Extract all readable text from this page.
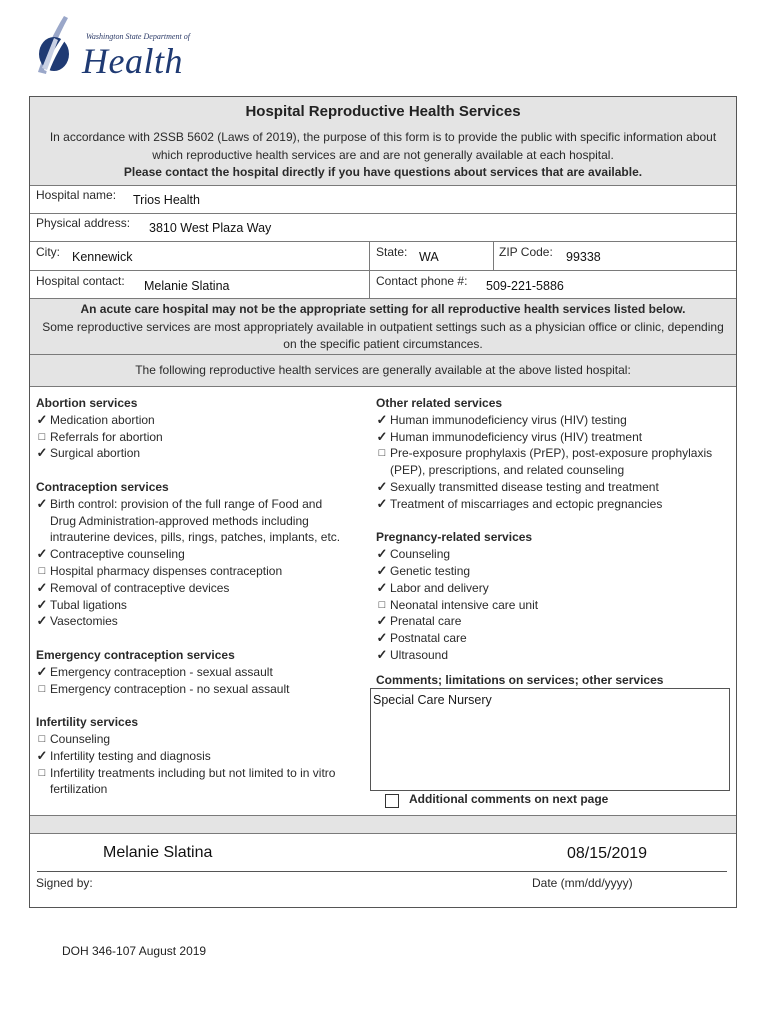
Washington State Department of
Health
Hospital Reproductive Health Services
In accordance with 2SSB 5602 (Laws of 2019), the purpose of this form is to provide the public with specific information about which reproductive health services are and are not generally available at each hospital.
Please contact the hospital directly if you have questions about services that are available.
Hospital name: Trios Health
Physical address: 3810 West Plaza Way
City: Kennewick	State: WA	ZIP Code: 99338
Hospital contact: Melanie Slatina	Contact phone #: 509-221-5886
An acute care hospital may not be the appropriate setting for all reproductive health services listed below.
Some reproductive services are most appropriately available in outpatient settings such as a physician office or clinic, depending on the specific patient circumstances.
The following reproductive health services are generally available at the above listed hospital:
Abortion services
✓ Medication abortion
□ Referrals for abortion
✓ Surgical abortion
Contraception services
✓ Birth control: provision of the full range of Food and Drug Administration-approved methods including intrauterine devices, pills, rings, patches, implants, etc.
✓ Contraceptive counseling
□ Hospital pharmacy dispenses contraception
✓ Removal of contraceptive devices
✓ Tubal ligations
✓ Vasectomies
Emergency contraception services
✓ Emergency contraception - sexual assault
□ Emergency contraception - no sexual assault
Infertility services
□ Counseling
✓ Infertility testing and diagnosis
□ Infertility treatments including but not limited to in vitro fertilization
Other related services
✓ Human immunodeficiency virus (HIV) testing
✓ Human immunodeficiency virus (HIV) treatment
□ Pre-exposure prophylaxis (PrEP), post-exposure prophylaxis (PEP), prescriptions, and related counseling
✓ Sexually transmitted disease testing and treatment
✓ Treatment of miscarriages and ectopic pregnancies
Pregnancy-related services
✓ Counseling
✓ Genetic testing
✓ Labor and delivery
□ Neonatal intensive care unit
✓ Prenatal care
✓ Postnatal care
✓ Ultrasound
Comments; limitations on services; other services
Special Care Nursery
Additional comments on next page
Melanie Slatina	08/15/2019
Signed by:	Date (mm/dd/yyyy)
DOH 346-107 August 2019
